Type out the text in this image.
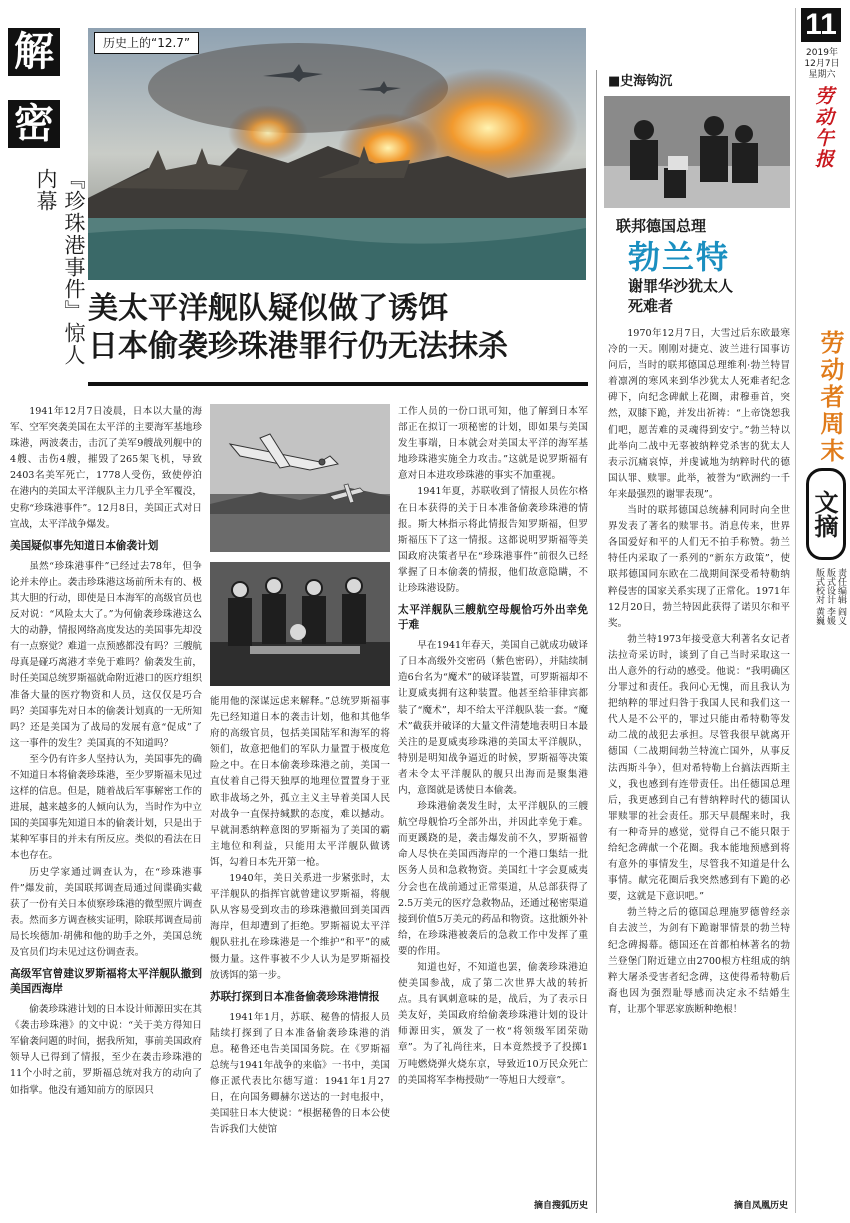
11
2019年
12月7日
星期六
劳动午报
劳动者周末
文摘
责任编辑 阎义
版式设计 李媛
版式校对 黄巍
解
密
『珍珠港事件』惊人内幕
历史上的“12.7”
美太平洋舰队疑似做了诱饵
日本偷袭珍珠港罪行仍无法抹杀

1941年12月7日凌晨，日本以大量的海军、空军突袭美国在太平洋的主要海军基地珍珠港，两波袭击，击沉了美军9艘战列舰中的4艘、击伤4艘，摧毁了265架飞机，导致2403名美军死亡，1778人受伤，致使停泊在港内的美国太平洋舰队主力几乎全军覆没，史称“珍珠港事件”。12月8日，美国正式对日宣战，太平洋战争爆发。

美国疑似事先知道日本偷袭计划

虽然“珍珠港事件”已经过去78年，但争论并未停止。袭击珍珠港这场前所未有的、极其大胆的行动，即使是日本海军的高级官员也反对说：“风险太大了。”为何偷袭珍珠港这么大的动静，情报网络高度发达的美国事先却没有一点察觉？难道一点预感都没有吗？三艘航母真是碰巧离港才幸免于难吗？偷袭发生前，时任美国总统罗斯福就命附近港口的医疗组织准备大量的医疗物资和人员，这仅仅是巧合吗？美国事先对日本的偷袭计划真的一无所知吗？还是美国为了战局的发展有意“促成”了这一事件的发生？美国真的不知道吗？

至今仍有许多人坚持认为，美国事先的确不知道日本将偷袭珍珠港，至少罗斯福未见过这样的信息。但是，随着战后军事解密工作的进展，越来越多的人倾向认为，当时作为中立国的美国事先知道日本的偷袭计划，只是出于某种军事目的并未有所反应。类似的看法在日本也存在。

历史学家通过调查认为，在“珍珠港事件”爆发前，美国联邦调查局通过间谍确实截获了一份有关日本侦察珍珠港的微型照片调查表。然而多方调查核实证明，除联邦调查局前局长埃德加·胡佛和他的助手之外，美国总统及官员们均未见过这份调查表。

高级军官曾建议罗斯福将太平洋舰队撤到美国西海岸

偷袭珍珠港计划的日本设计师源田实在其《袭击珍珠港》的文中说：“关于美方得知日军偷袭问题的时间，据我所知，事前美国政府领导人已得到了情报，至少在袭击珍珠港的11个小时之前，罗斯福总统对我方的动向了如指掌。他没有通知前方的原因只

能用他的深谋远虑来解释。”总统罗斯福事先已经知道日本的袭击计划，他和其他华府的高级官员，包括美国陆军和海军的将领们，故意把他们的军队力量置于极度危险之中。在日本偷袭珍珠港之前，美国一直仗着自己得天独厚的地理位置置身于亚欧非战场之外，孤立主义主导着美国人民对战争一直保持缄默的态度，难以撼动。早就洞悉纳粹意图的罗斯福为了美国的霸主地位和利益，只能用太平洋舰队做诱饵，勾着日本先开第一枪。

1940年，美日关系进一步紧张时，太平洋舰队的指挥官就曾建议罗斯福，将舰队从容易受到攻击的珍珠港撤回到美国西海岸，但却遭到了拒绝。罗斯福说太平洋舰队驻扎在珍珠港是一个维护“和平”的威慑力量。这件事被不少人认为是罗斯福投放诱饵的第一步。

苏联打探到日本准备偷袭珍珠港情报

1941年1月，苏联、秘鲁的情报人员陆续打探到了日本准备偷袭珍珠港的消息。秘鲁还电告美国国务院。在《罗斯福总统与1941年战争的来临》一书中，美国修正派代表比尔德写道：1941年1月27日，在向国务卿赫尔送达的一封电报中，美国驻日本大使说：“根据秘鲁的日本公使告诉我们大使馆

工作人员的一份口讯可知，他了解到日本军部正在拟订一项秘密的计划，即如果与美国发生事端，日本就会对美国太平洋的海军基地珍珠港实施全力攻击。”这就是说罗斯福有意对日本进攻珍珠港的事实不加重视。

1941年夏，苏联收到了情报人员佐尔格在日本获得的关于日本准备偷袭珍珠港的情报。斯大林指示将此情报告知罗斯福，但罗斯福压下了这一情报。这都说明罗斯福等美国政府决策者早在“珍珠港事件”前很久已经掌握了日本偷袭的情报，他们故意隐瞒，不让珍珠港设防。

太平洋舰队三艘航空母舰恰巧外出幸免于难

早在1941年春天，美国自己就成功破译了日本高级外交密码（紫色密码），并陆续制造6台名为“魔术”的破译装置，可罗斯福却不让夏威夷拥有这种装置。他甚至给菲律宾都装了“魔术”，却不给太平洋舰队装一套。“魔术”截获并破译的大量文件清楚地表明日本最关注的是夏威夷珍珠港的美国太平洋舰队，特别是明知战争逼近的时候，罗斯福等决策者未令太平洋舰队的舰只出海而是聚集港内，意图就是诱使日本偷袭。

珍珠港偷袭发生时，太平洋舰队的三艘航空母舰恰巧全部外出，并因此幸免于难。而更蹊跷的是，袭击爆发前不久，罗斯福曾命人尽快在美国西海岸的一个港口集结一批医务人员和急救物资。美国红十字会夏威夷分会也在战前通过正常渠道，从总部获得了2.5万美元的医疗急救物品，还通过秘密渠道接到价值5万美元的药品和物资。这批额外补给，在珍珠港被袭后的急救工作中发挥了重要的作用。

知道也好，不知道也罢，偷袭珍珠港迫使美国参战，成了第二次世界大战的转折点。具有讽刺意味的是，战后，为了表示日美友好，美国政府给偷袭珍珠港计划的设计师源田实，颁发了一枚“将领级军团荣勋章”。为了礼尚往来，日本竟然授予了投掷1万吨燃烧弹火烧东京，导致近10万民众死亡的美国将军李梅授勋“一等旭日大绶章”。

摘自搜狐历史
■史海钩沉
联邦德国总理
勃兰特
谢罪华沙犹太人
死难者

1970年12月7日，大雪过后东欧最寒冷的一天。刚刚对捷克、波兰进行国事访问后，当时的联邦德国总理维利·勃兰特冒着凛冽的寒风来到华沙犹太人死难者纪念碑下，向纪念碑献上花圈，肃穆垂首，突然，双膝下跪，并发出祈祷：“上帝饶恕我们吧，愿苦难的灵魂得到安宁。”勃兰特以此举向二战中无辜被纳粹党杀害的犹太人表示沉痛哀悼，并虔诚地为纳粹时代的德国认罪、赎罪。此举，被誉为“欧洲约一千年来最强烈的谢罪表现”。

当时的联邦德国总统赫利同时向全世界发表了著名的赎罪书。消息传来，世界各国爱好和平的人们无不拍手称赞。勃兰特任内采取了一系列的“新东方政策”，使联邦德国同东欧在二战期间深受希特勒纳粹侵害的国家关系实现了正常化。1971年12月20日，勃兰特因此获得了诺贝尔和平奖。

勃兰特1973年接受意大利著名女记者法拉奇采访时，谈到了自己当时采取这一出人意外的行动的感受。他说：“我明确区分罪过和责任。我问心无愧，而且我认为把纳粹的罪过归咎于我国人民和我们这一代人是不公平的，罪过只能由希特勒等发动二战的战犯去承担。尽管我很早就离开德国（二战期间勃兰特流亡国外，从事反法西斯斗争），但对希特勒上台搞法西斯主义，我也感到有连带责任。出任德国总理后，我更感到自己有替纳粹时代的德国认罪赎罪的社会责任。那天早晨醒来时，我有一种奇异的感觉，觉得自己不能只限于给纪念碑献一个花圈。我本能地预感到将有意外的事情发生，尽管我不知道是什么事情。献完花圈后我突然感到有下跪的必要，这就是下意识吧。”

勃兰特之后的德国总理施罗德曾经亲自去波兰，为剑有下跪谢罪情景的勃兰特纪念碑揭幕。德国还在首都柏林著名的勃兰登堡门附近建立由2700根方柱组成的纳粹大屠杀受害者纪念碑，这使得希特勒后裔也因为强烈耻辱感而决定永不结婚生育，让那个罪恶家族断种绝根！

摘自凤凰历史
